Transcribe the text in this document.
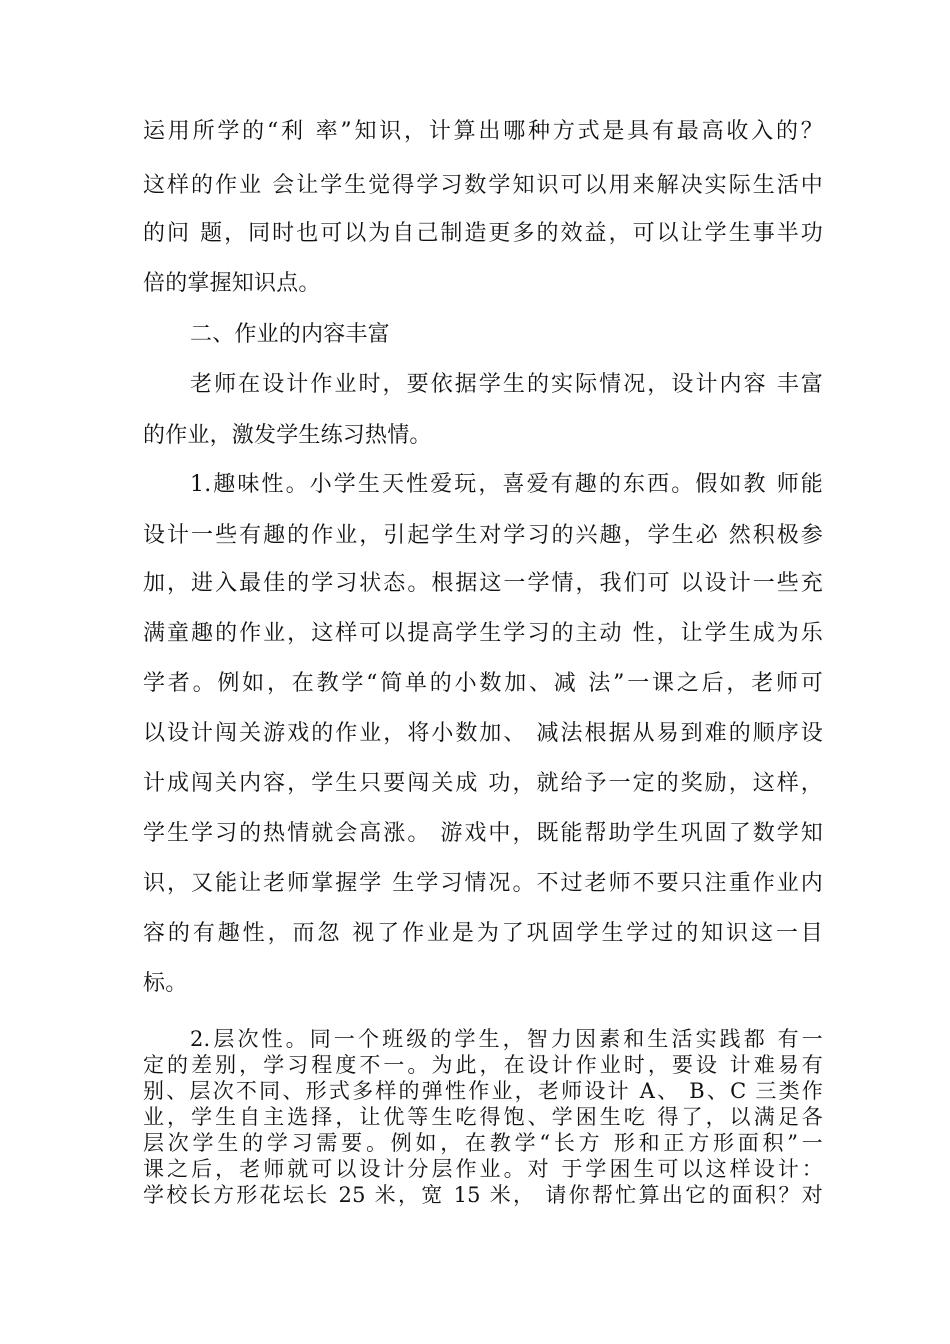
运用所学的“利 率”知识，计算出哪种方式是具有最高收入的？
这样的作业 会让学生觉得学习数学知识可以用来解决实际生活中
的问 题，同时也可以为自己制造更多的效益，可以让学生事半功
倍的掌握知识点。
二、作业的内容丰富
老师在设计作业时，要依据学生的实际情况，设计内容 丰富
的作业，激发学生练习热情。
1.趣味性。小学生天性爱玩，喜爱有趣的东西。假如教 师能
设计一些有趣的作业，引起学生对学习的兴趣，学生必 然积极参
加，进入最佳的学习状态。根据这一学情，我们可 以设计一些充
满童趣的作业，这样可以提高学生学习的主动 性，让学生成为乐
学者。例如，在教学“简单的小数加、减 法”一课之后，老师可
以设计闯关游戏的作业，将小数加、 减法根据从易到难的顺序设
计成闯关内容，学生只要闯关成 功，就给予一定的奖励，这样，
学生学习的热情就会高涨。 游戏中，既能帮助学生巩固了数学知
识，又能让老师掌握学 生学习情况。不过老师不要只注重作业内
容的有趣性，而忽 视了作业是为了巩固学生学过的知识这一目
标。
2.层次性。同一个班级的学生，智力因素和生活实践都 有一
定的差别，学习程度不一。为此，在设计作业时，要设 计难易有
别、层次不同、形式多样的弹性作业，老师设计 A、 B、C 三类作
业，学生自主选择，让优等生吃得饱、学困生吃 得了，以满足各
层次学生的学习需要。例如，在教学“长方 形和正方形面积”一
课之后，老师就可以设计分层作业。对 于学困生可以这样设计：
学校长方形花坛长 25 米，宽 15 米， 请你帮忙算出它的面积？对
